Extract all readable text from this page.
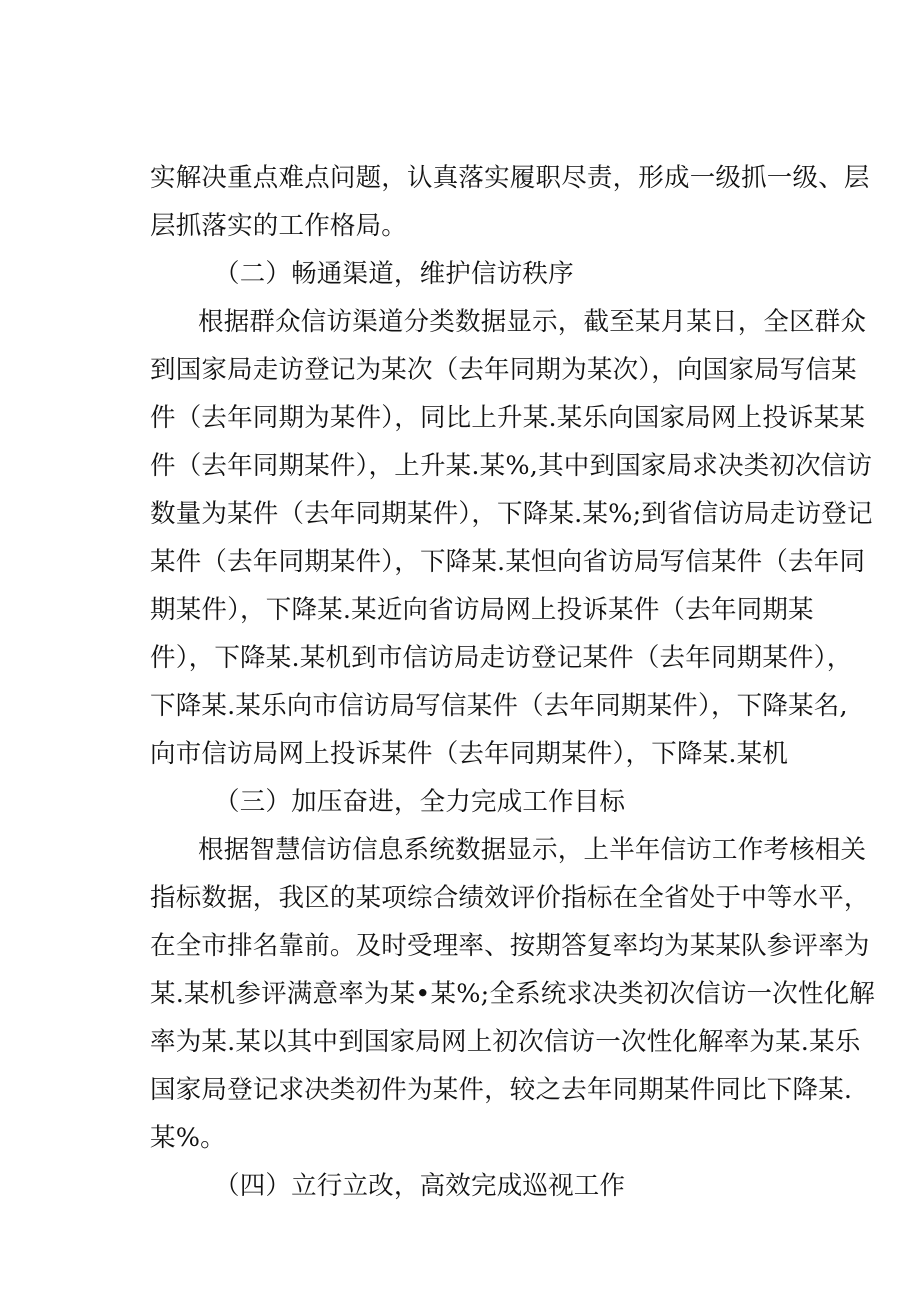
实解决重点难点问题，认真落实履职尽责，形成一级抓一级、层
层抓落实的工作格局。
（二）畅通渠道，维护信访秩序
根据群众信访渠道分类数据显示，截至某月某日，全区群众
到国家局走访登记为某次（去年同期为某次），向国家局写信某
件（去年同期为某件），同比上升某.某乐向国家局网上投诉某某
件（去年同期某件），上升某.某%,其中到国家局求决类初次信访
数量为某件（去年同期某件），下降某.某%;到省信访局走访登记
某件（去年同期某件），下降某.某怛向省访局写信某件（去年同
期某件），下降某.某近向省访局网上投诉某件（去年同期某
件），下降某.某机到市信访局走访登记某件（去年同期某件），
下降某.某乐向市信访局写信某件（去年同期某件），下降某名,
向市信访局网上投诉某件（去年同期某件），下降某.某机
（三）加压奋进，全力完成工作目标
根据智慧信访信息系统数据显示，上半年信访工作考核相关
指标数据，我区的某项综合绩效评价指标在全省处于中等水平，
在全市排名靠前。及时受理率、按期答复率均为某某队参评率为
某.某机参评满意率为某•某%;全系统求决类初次信访一次性化解
率为某.某以其中到国家局网上初次信访一次性化解率为某.某乐
国家局登记求决类初件为某件，较之去年同期某件同比下降某.
某%。
（四）立行立改，高效完成巡视工作
